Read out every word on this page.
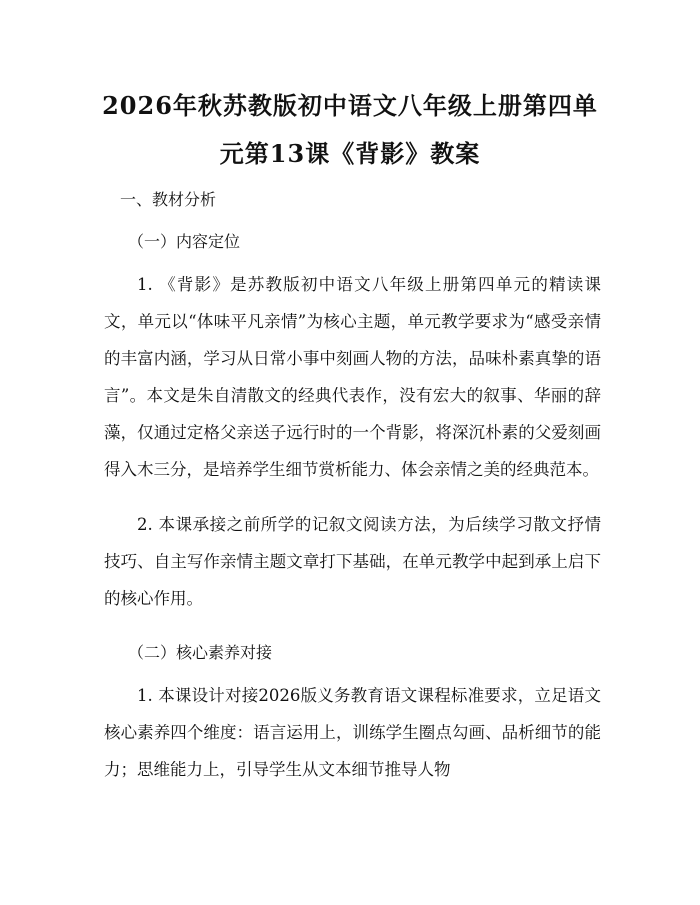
2026年秋苏教版初中语文八年级上册第四单
元第13课《背影》教案
一、教材分析
（一）内容定位

1. 《背影》是苏教版初中语文八年级上册第四单元的精读课文，单元以“体味平凡亲情”为核心主题，单元教学要求为“感受亲情的丰富内涵，学习从日常小事中刻画人物的方法，品味朴素真挚的语言”。本文是朱自清散文的经典代表作，没有宏大的叙事、华丽的辞藻，仅通过定格父亲送子远行时的一个背影，将深沉朴素的父爱刻画得入木三分，是培养学生细节赏析能力、体会亲情之美的经典范本。

2. 本课承接之前所学的记叙文阅读方法，为后续学习散文抒情技巧、自主写作亲情主题文章打下基础，在单元教学中起到承上启下的核心作用。

（二）核心素养对接

1. 本课设计对接2026版义务教育语文课程标准要求，立足语文核心素养四个维度：语言运用上，训练学生圈点勾画、品析细节的能力；思维能力上，引导学生从文本细节推导人物
